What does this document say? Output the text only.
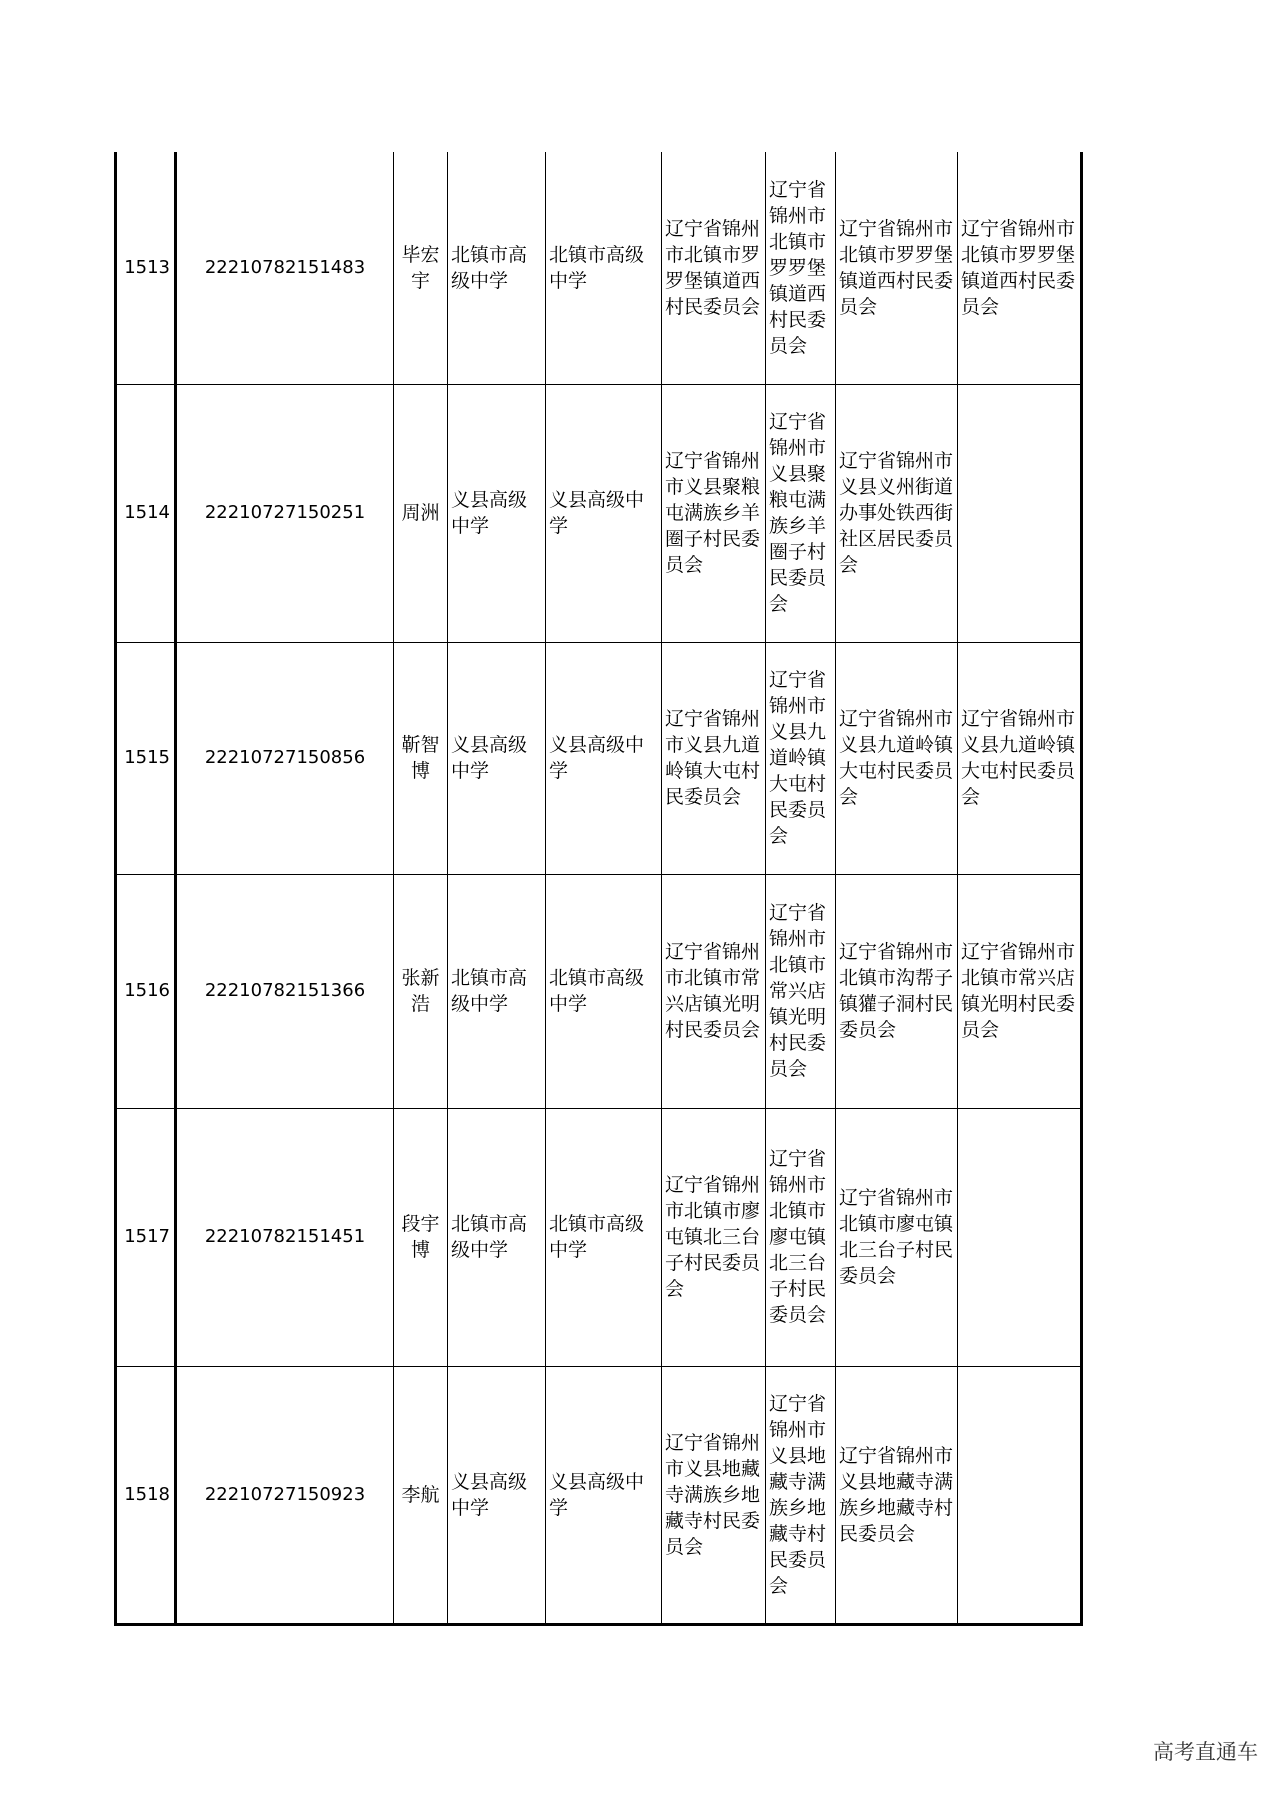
1513	22210782151483	毕宏宇	北镇市高级中学	北镇市高级中学	辽宁省锦州市北镇市罗罗堡镇道西村民委员会	辽宁省锦州市北镇市罗罗堡镇道西村民委员会	辽宁省锦州市北镇市罗罗堡镇道西村民委员会	辽宁省锦州市北镇市罗罗堡镇道西村民委员会
1514	22210727150251	周洲	义县高级中学	义县高级中学	辽宁省锦州市义县聚粮屯满族乡羊圈子村民委员会	辽宁省锦州市义县聚粮屯满族乡羊圈子村民委员会	辽宁省锦州市义县义州街道办事处铁西街社区居民委员会	
1515	22210727150856	靳智博	义县高级中学	义县高级中学	辽宁省锦州市义县九道岭镇大屯村民委员会	辽宁省锦州市义县九道岭镇大屯村民委员会	辽宁省锦州市义县九道岭镇大屯村民委员会	辽宁省锦州市义县九道岭镇大屯村民委员会
1516	22210782151366	张新浩	北镇市高级中学	北镇市高级中学	辽宁省锦州市北镇市常兴店镇光明村民委员会	辽宁省锦州市北镇市常兴店镇光明村民委员会	辽宁省锦州市北镇市沟帮子镇獾子洞村民委员会	辽宁省锦州市北镇市常兴店镇光明村民委员会
1517	22210782151451	段宇博	北镇市高级中学	北镇市高级中学	辽宁省锦州市北镇市廖屯镇北三台子村民委员会	辽宁省锦州市北镇市廖屯镇北三台子村民委员会	辽宁省锦州市北镇市廖屯镇北三台子村民委员会	
1518	22210727150923	李航	义县高级中学	义县高级中学	辽宁省锦州市义县地藏寺满族乡地藏寺村民委员会	辽宁省锦州市义县地藏寺满族乡地藏寺村民委员会	辽宁省锦州市义县地藏寺满族乡地藏寺村民委员会	
高考直通车
